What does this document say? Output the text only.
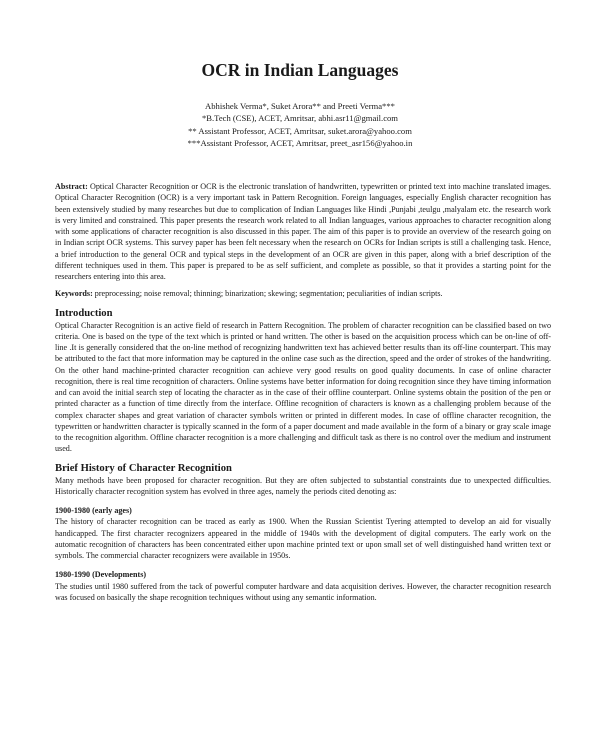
OCR in Indian Languages
Abhishek Verma*, Suket Arora** and Preeti Verma***
*B.Tech (CSE), ACET, Amritsar, abhi.asr11@gmail.com
** Assistant Professor, ACET, Amritsar, suket.arora@yahoo.com
***Assistant Professor, ACET, Amritsar, preet_asr156@yahoo.in

Abstract: Optical Character Recognition or OCR is the electronic translation of handwritten, typewritten or printed text into machine translated images. Optical Character Recognition (OCR) is a very important task in Pattern Recognition. Foreign languages, especially English character recognition has been extensively studied by many researches but due to complication of Indian Languages like Hindi ,Punjabi ,teulgu ,malyalam etc. the research work is very limited and constrained. This paper presents the research work related to all Indian languages, various approaches to character recognition along with some applications of character recognition is also discussed in this paper. The aim of this paper is to provide an overview of the research going on in Indian script OCR systems. This survey paper has been felt necessary when the research on OCRs for Indian scripts is still a challenging task. Hence, a brief introduction to the general OCR and typical steps in the development of an OCR are given in this paper, along with a brief description of the different techniques used in them. This paper is prepared to be as self sufficient, and complete as possible, so that it provides a starting point for the researchers entering into this area.

Keywords: preprocessing; noise removal; thinning; binarization; skewing; segmentation; peculiarities of indian scripts.

Introduction

Optical Character Recognition is an active field of research in Pattern Recognition. The problem of character recognition can be classified based on two criteria. One is based on the type of the text which is printed or hand written. The other is based on the acquisition process which can be on-line of off-line .It is generally considered that the on-line method of recognizing handwritten text has achieved better results than its off-line counterpart. This may be attributed to the fact that more information may be captured in the online case such as the direction, speed and the order of strokes of the handwriting. On the other hand machine-printed character recognition can achieve very good results on good quality documents. In case of online character recognition, there is real time recognition of characters. Online systems have better information for doing recognition since they have timing information and can avoid the initial search step of locating the character as in the case of their offline counterpart. Online systems obtain the position of the pen or printed character as a function of time directly from the interface. Offline recognition of characters is known as a challenging problem because of the complex character shapes and great variation of character symbols written or printed in different modes. In case of offline character recognition, the typewritten or handwritten character is typically scanned in the form of a paper document and made available in the form of a binary or gray scale image to the recognition algorithm. Offline character recognition is a more challenging and difficult task as there is no control over the medium and instrument used.

Brief History of Character Recognition

Many methods have been proposed for character recognition. But they are often subjected to substantial constraints due to unexpected difficulties. Historically character recognition system has evolved in three ages, namely the periods cited denoting as:

1900-1980 (early ages)

The history of character recognition can be traced as early as 1900. When the Russian Scientist Tyering attempted to develop an aid for visually handicapped. The first character recognizers appeared in the middle of 1940s with the development of digital computers. The early work on the automatic recognition of characters has been concentrated either upon machine printed text or upon small set of well distinguished hand written text or symbols. The commercial character recognizers were available in 1950s.

1980-1990 (Developments)

The studies until 1980 suffered from the tack of powerful computer hardware and data acquisition derives. However, the character recognition research was focused on basically the shape recognition techniques without using any semantic information.
